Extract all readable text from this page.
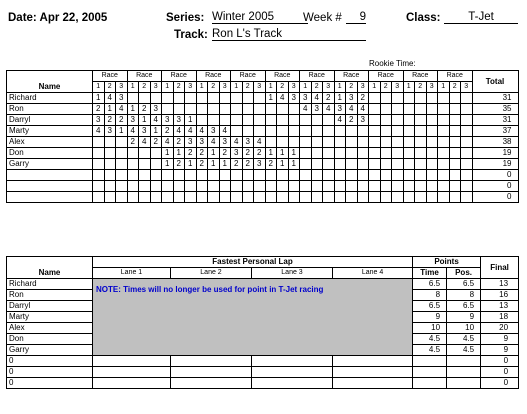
Date: Apr 22, 2005	Series: Winter 2005	Week #	9	Class:	T-Jet
Track: Ron L's Track
Rookie Time:
	Race			Race			Race			Race			Race			Race			Race			Race			Race			Race			Race			Total
Name	1	2	3	1	2	3	1	2	3	1	2	3	1	2	3	1	2	3	1	2	3	1	2	3	1	2	3	1	2	3	1	2	3	
Richard	1	4	3													1	4	3	3	4	2	1	3	2										31
Ron	2	1	4	1	2	3													4	3	4	3	4	4										35
Darryl	3	2	2	3	1	4	3	3	1													4	2	3										31
Marty	4	3	1	4	3	1	2	4	4	4	3	4																						37
Alex				2	4	2	4	2	3	3	4	3	4	3	4																			38
Don							1	1	2	2	1	2	3	2	2	1	1	1																19
Garry							1	2	1	2	1	1	2	2	3	2	1	1																19
																																		0
																																		0
																																		0
	Fastest Personal Lap				Points		Final
Name	Lane 1	Lane 2	Lane 3	Lane 4	Time	Pos.	
Richard	NOTE: Times will no longer be used for point in T-Jet racing				6.5	6.5	13
Ron					8	8	16
Darryl					6.5	6.5	13
Marty					9	9	18
Alex					10	10	20
Don					4.5	4.5	9
Garry					4.5	4.5	9
0							0
0							0
0							0
